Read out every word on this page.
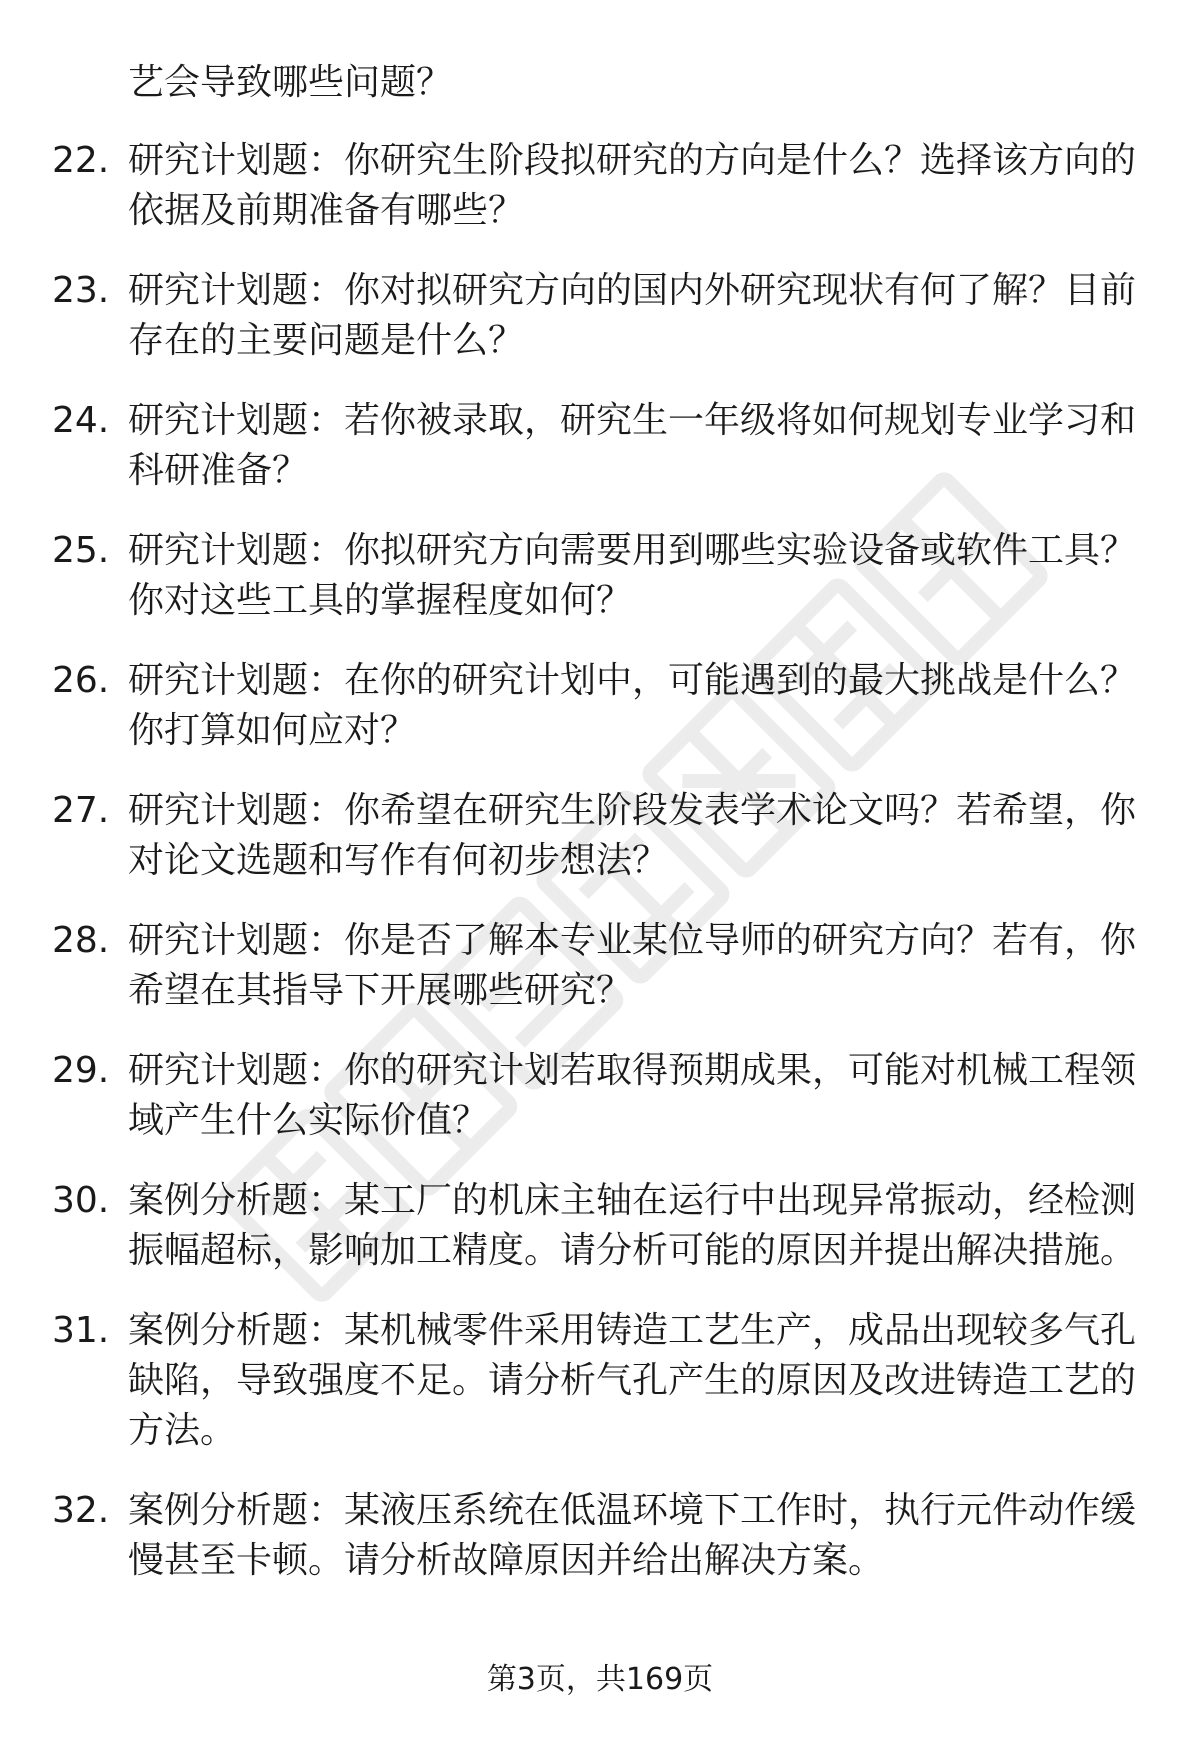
艺会导致哪些问题？
22. 研究计划题：你研究生阶段拟研究的方向是什么？选择该方向的依据及前期准备有哪些？
23. 研究计划题：你对拟研究方向的国内外研究现状有何了解？目前存在的主要问题是什么？
24. 研究计划题：若你被录取，研究生一年级将如何规划专业学习和科研准备？
25. 研究计划题：你拟研究方向需要用到哪些实验设备或软件工具？你对这些工具的掌握程度如何？
26. 研究计划题：在你的研究计划中，可能遇到的最大挑战是什么？你打算如何应对？
27. 研究计划题：你希望在研究生阶段发表学术论文吗？若希望，你对论文选题和写作有何初步想法？
28. 研究计划题：你是否了解本专业某位导师的研究方向？若有，你希望在其指导下开展哪些研究？
29. 研究计划题：你的研究计划若取得预期成果，可能对机械工程领域产生什么实际价值？
30. 案例分析题：某工厂的机床主轴在运行中出现异常振动，经检测振幅超标，影响加工精度。请分析可能的原因并提出解决措施。
31. 案例分析题：某机械零件采用铸造工艺生产，成品出现较多气孔缺陷，导致强度不足。请分析气孔产生的原因及改进铸造工艺的方法。
32. 案例分析题：某液压系统在低温环境下工作时，执行元件动作缓慢甚至卡顿。请分析故障原因并给出解决方案。
第3页，共169页
